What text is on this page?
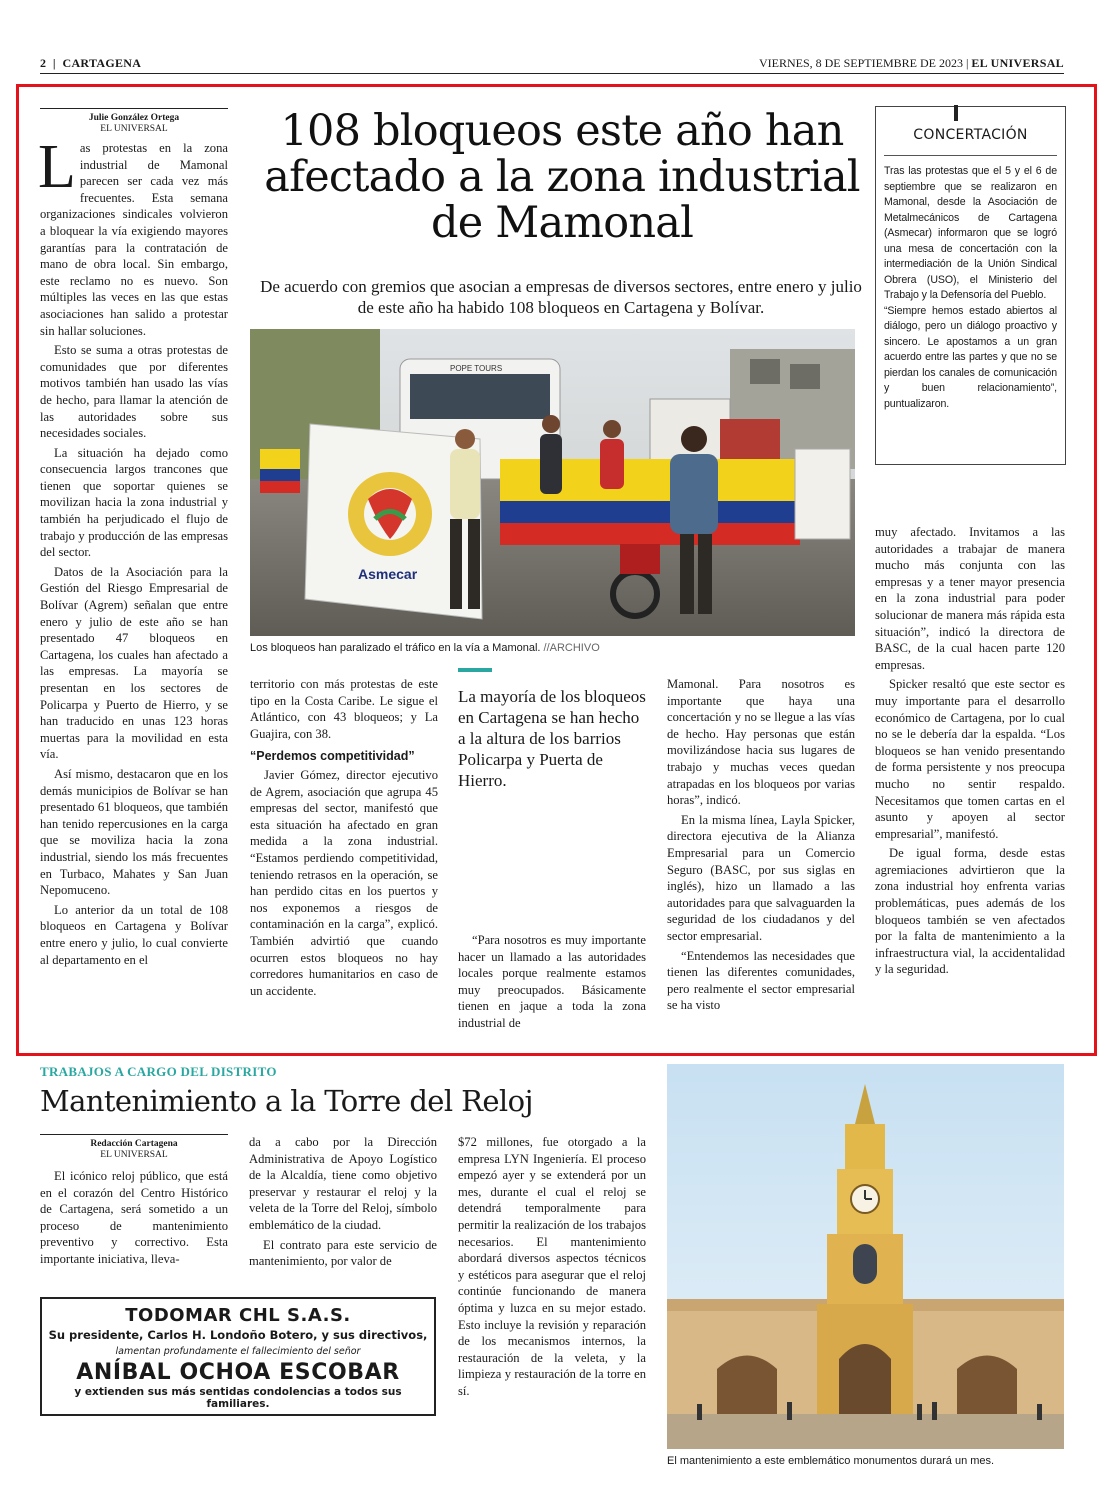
2  |  CARTAGENA	VIERNES, 8 DE SEPTIEMBRE DE 2023 | EL UNIVERSAL
Julie González Ortega
EL UNIVERSAL

Las protestas en la zona industrial de Mamonal parecen ser cada vez más frecuentes. Esta semana organizaciones sindicales volvieron a bloquear la vía exigiendo mayores garantías para la contratación de mano de obra local. Sin embargo, este reclamo no es nuevo. Son múltiples las veces en las que estas asociaciones han salido a protestar sin hallar soluciones.

Esto se suma a otras protestas de comunidades que por diferentes motivos también han usado las vías de hecho, para llamar la atención de las autoridades sobre sus necesidades sociales.

La situación ha dejado como consecuencia largos trancones que tienen que soportar quienes se movilizan hacia la zona industrial y también ha perjudicado el flujo de trabajo y producción de las empresas del sector.

Datos de la Asociación para la Gestión del Riesgo Empresarial de Bolívar (Agrem) señalan que entre enero y julio de este año se han presentado 47 bloqueos en Cartagena, los cuales han afectado a las empresas. La mayoría se presentan en los sectores de Policarpa y Puerto de Hierro, y se han traducido en unas 123 horas muertas para la movilidad en esta vía.

Así mismo, destacaron que en los demás municipios de Bolívar se han presentado 61 bloqueos, que también han tenido repercusiones en la carga que se moviliza hacia la zona industrial, siendo los más frecuentes en Turbaco, Mahates y San Juan Nepomuceno.

Lo anterior da un total de 108 bloqueos en Cartagena y Bolívar entre enero y julio, lo cual convierte al departamento en el

108 bloqueos este año han afectado a la zona industrial de Mamonal
De acuerdo con gremios que asocian a empresas de diversos sectores, entre enero y julio de este año ha habido 108 bloqueos en Cartagena y Bolívar.
POPE TOURS
Asmecar
Los bloqueos han paralizado el tráfico en la vía a Mamonal. //ARCHIVO
CONCERTACIÓN

Tras las protestas que el 5 y el 6 de septiembre que se realizaron en Mamonal, desde la Asociación de Metalmecánicos de Cartagena (Asmecar) informaron que se logró una mesa de concertación con la intermediación de la Unión Sindical Obrera (USO), el Ministerio del Trabajo y la Defensoría del Pueblo.

“Siempre hemos estado abiertos al diálogo, pero un diálogo proactivo y sincero. Le apostamos a un gran acuerdo entre las partes y que no se pierdan los canales de comunicación y buen relacionamiento”, puntualizaron.

territorio con más protestas de este tipo en la Costa Caribe. Le sigue el Atlántico, con 43 bloqueos; y La Guajira, con 38.

“Perdemos competitividad”

Javier Gómez, director ejecutivo de Agrem, asociación que agrupa 45 empresas del sector, manifestó que esta situación ha afectado en gran medida a la zona industrial. “Estamos perdiendo competitividad, teniendo retrasos en la operación, se han perdido citas en los puertos y nos exponemos a riesgos de contaminación en la carga”, explicó. También advirtió que cuando ocurren estos bloqueos no hay corredores humanitarios en caso de un accidente.

La mayoría de los bloqueos en Cartagena se han hecho a la altura de los barrios Policarpa y Puerta de Hierro.

“Para nosotros es muy importante hacer un llamado a las autoridades locales porque realmente estamos muy preocupados. Básicamente tienen en jaque a toda la zona industrial de

Mamonal. Para nosotros es importante que haya una concertación y no se llegue a las vías de hecho. Hay personas que están movilizándose hacia sus lugares de trabajo y muchas veces quedan atrapadas en los bloqueos por varias horas”, indicó.

En la misma línea, Layla Spicker, directora ejecutiva de la Alianza Empresarial para un Comercio Seguro (BASC, por sus siglas en inglés), hizo un llamado a las autoridades para que salvaguarden la seguridad de los ciudadanos y del sector empresarial.

“Entendemos las necesidades que tienen las diferentes comunidades, pero realmente el sector empresarial se ha visto

muy afectado. Invitamos a las autoridades a trabajar de manera mucho más conjunta con las empresas y a tener mayor presencia en la zona industrial para poder solucionar de manera más rápida esta situación”, indicó la directora de BASC, de la cual hacen parte 120 empresas.

Spicker resaltó que este sector es muy importante para el desarrollo económico de Cartagena, por lo cual no se le debería dar la espalda. “Los bloqueos se han venido presentando de forma persistente y nos preocupa mucho no sentir respaldo. Necesitamos que tomen cartas en el asunto y apoyen al sector empresarial”, manifestó.

De igual forma, desde estas agremiaciones advirtieron que la zona industrial hoy enfrenta varias problemáticas, pues además de los bloqueos también se ven afectados por la falta de mantenimiento a la infraestructura vial, la accidentalidad y la seguridad.

TRABAJOS A CARGO DEL DISTRITO
Mantenimiento a la Torre del Reloj
Redacción Cartagena
EL UNIVERSAL

El icónico reloj público, que está en el corazón del Centro Histórico de Cartagena, será sometido a un proceso de mantenimiento preventivo y correctivo. Esta importante iniciativa, lleva-

da a cabo por la Dirección Administrativa de Apoyo Logístico de la Alcaldía, tiene como objetivo preservar y restaurar el reloj y la veleta de la Torre del Reloj, símbolo emblemático de la ciudad.

El contrato para este servicio de mantenimiento, por valor de

$72 millones, fue otorgado a la empresa LYN Ingeniería. El proceso empezó ayer y se extenderá por un mes, durante el cual el reloj se detendrá temporalmente para permitir la realización de los trabajos necesarios. El mantenimiento abordará diversos aspectos técnicos y estéticos para asegurar que el reloj continúe funcionando de manera óptima y luzca en su mejor estado. Esto incluye la revisión y reparación de los mecanismos internos, la restauración de la veleta, y la limpieza y restauración de la torre en sí.

El mantenimiento a este emblemático monumentos durará un mes.
TODOMAR CHL S.A.S.
Su presidente, Carlos H. Londoño Botero, y sus directivos,
lamentan profundamente el fallecimiento del señor
ANÍBAL OCHOA ESCOBAR
y extienden sus más sentidas condolencias a todos sus familiares.
